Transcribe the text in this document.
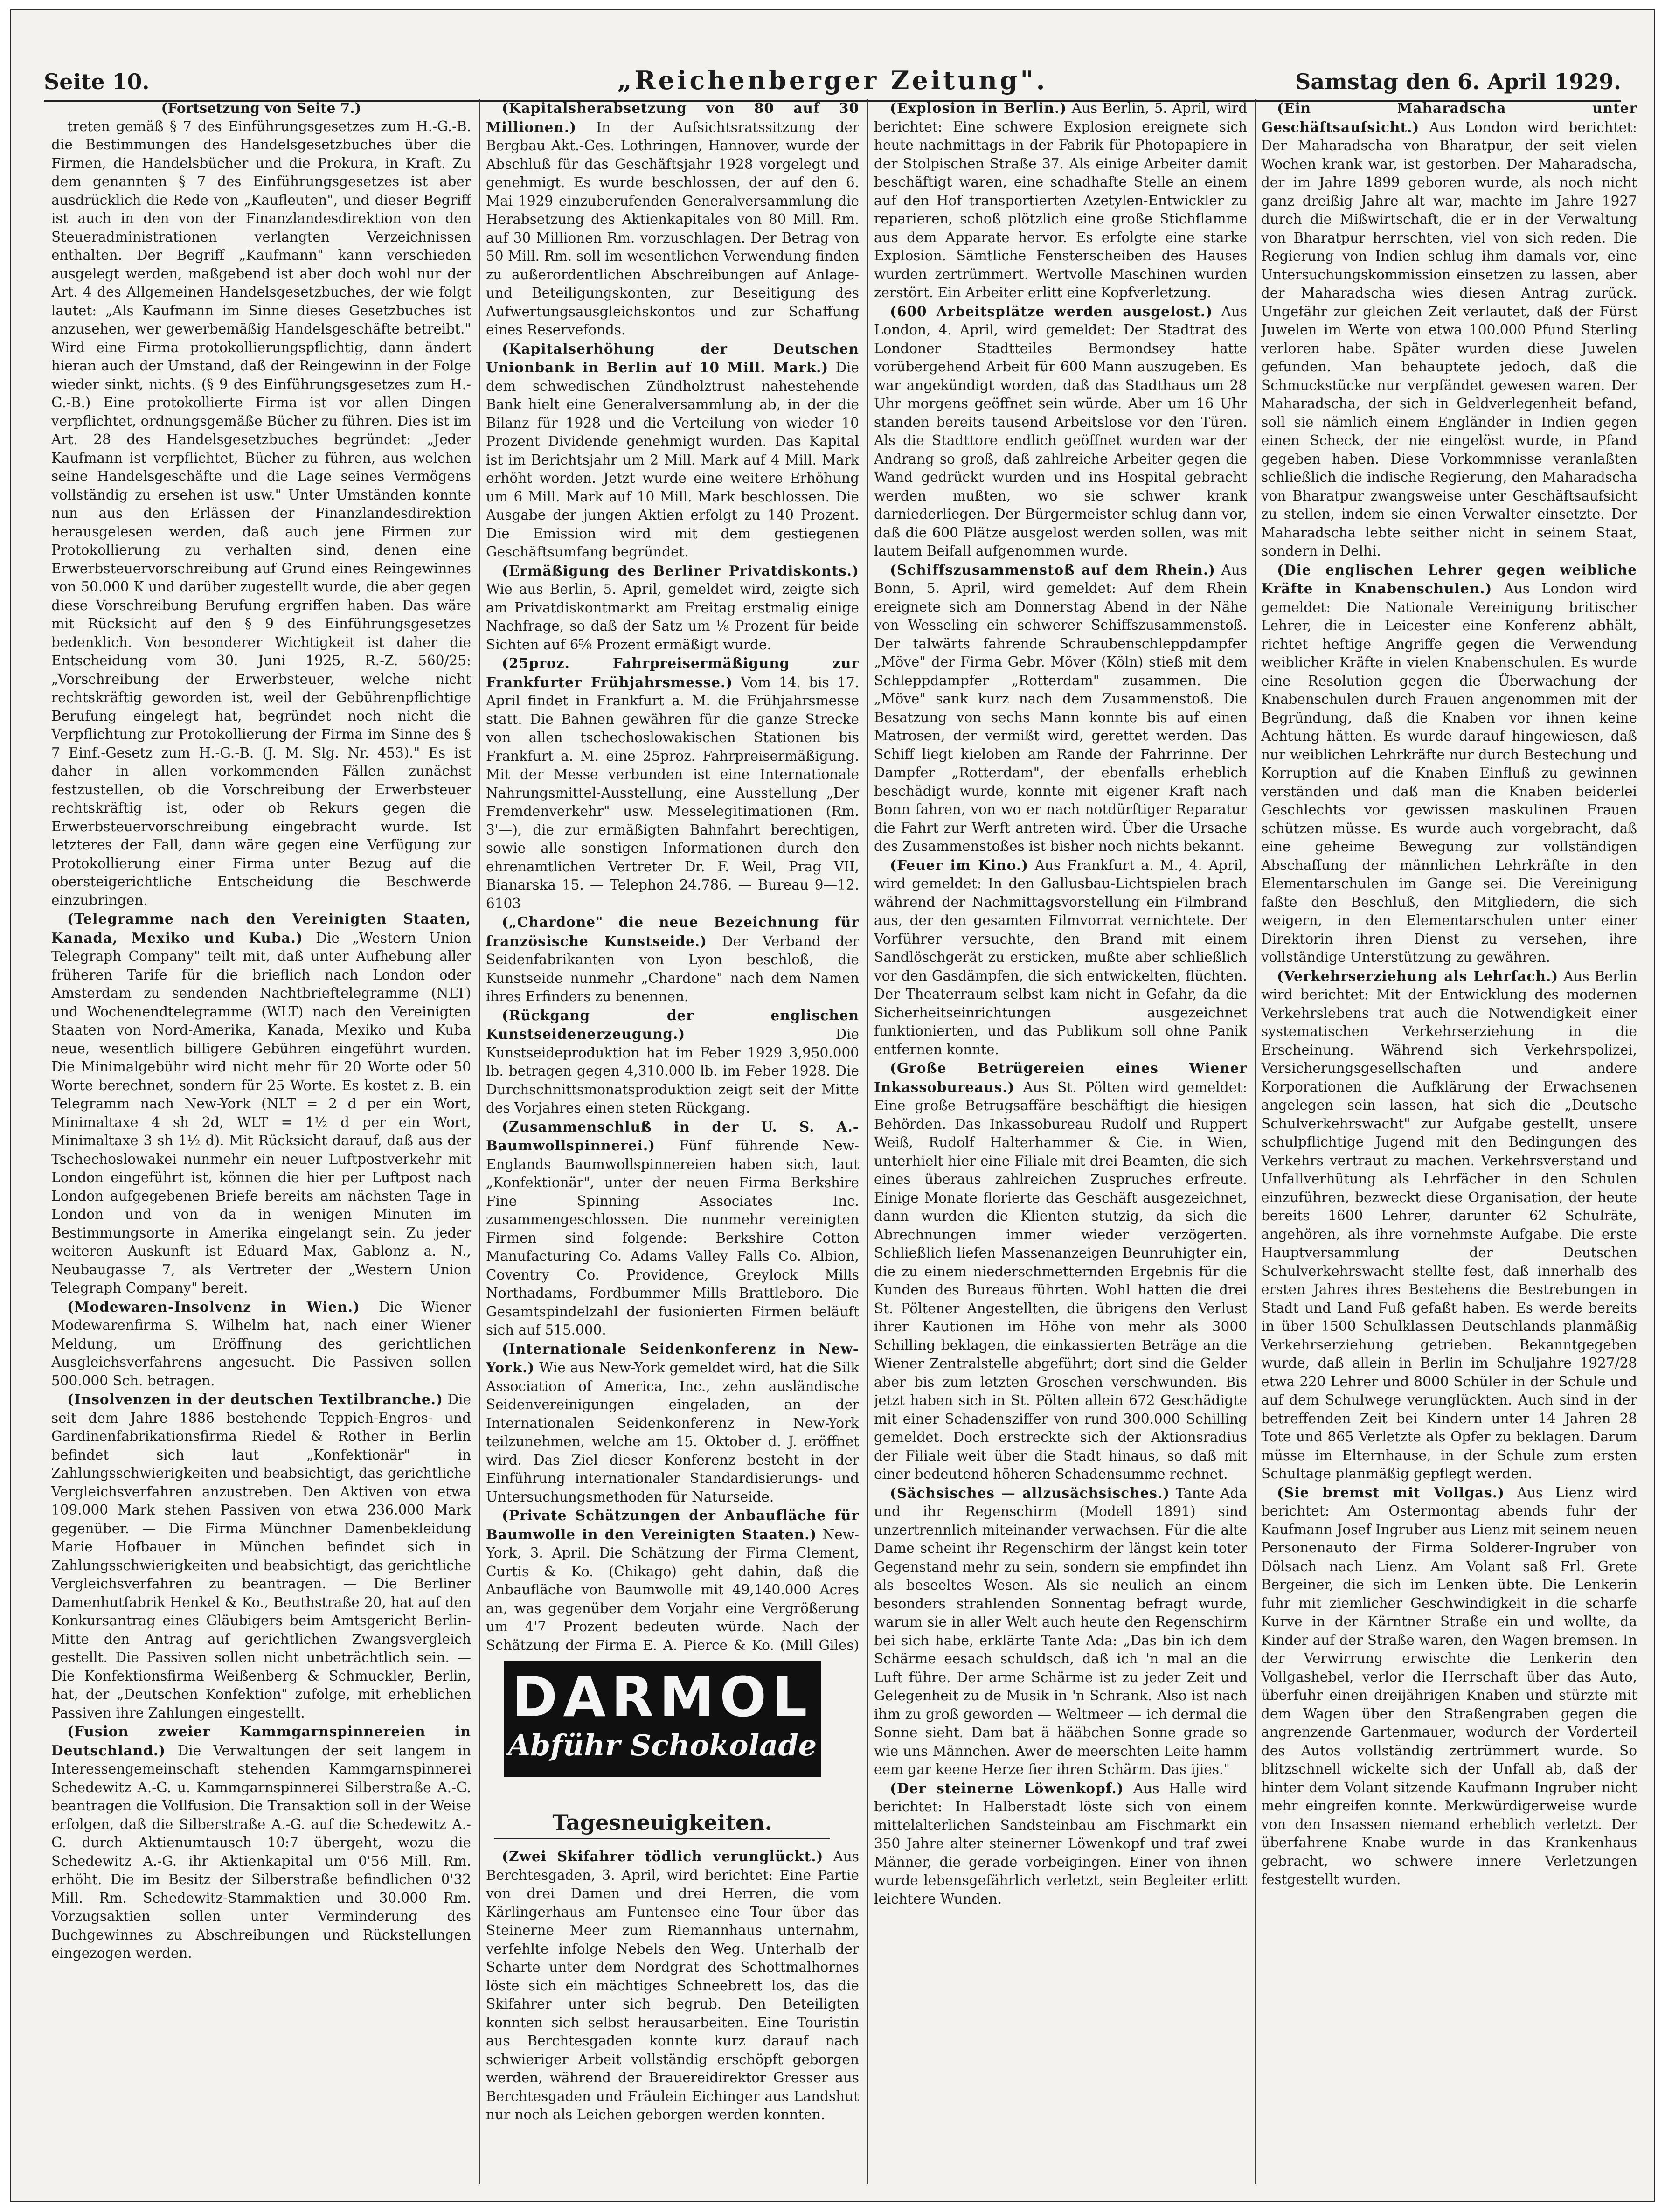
Seite 10.	„Reichenberger Zeitung".	Samstag den 6. April 1929.

(Fortsetzung von Seite 7.)

treten gemäß § 7 des Einführungsgesetzes zum H.-G.-B. die Bestimmungen des Handelsgesetzbuches über die Firmen, die Handelsbücher und die Prokura, in Kraft. Zu dem genannten § 7 des Einführungsgesetzes ist aber ausdrücklich die Rede von „Kaufleuten", und dieser Begriff ist auch in den von der Finanzlandesdirektion von den Steueradministrationen verlangten Verzeichnissen enthalten. Der Begriff „Kaufmann" kann verschieden ausgelegt werden, maßgebend ist aber doch wohl nur der Art. 4 des Allgemeinen Handelsgesetzbuches, der wie folgt lautet: „Als Kaufmann im Sinne dieses Gesetzbuches ist anzusehen, wer gewerbemäßig Handelsgeschäfte betreibt." Wird eine Firma protokollierungspflichtig, dann ändert hieran auch der Umstand, daß der Reingewinn in der Folge wieder sinkt, nichts. (§ 9 des Einführungsgesetzes zum H.-G.-B.) Eine protokollierte Firma ist vor allen Dingen verpflichtet, ordnungsgemäße Bücher zu führen. Dies ist im Art. 28 des Handelsgesetzbuches begründet: „Jeder Kaufmann ist verpflichtet, Bücher zu führen, aus welchen seine Handelsgeschäfte und die Lage seines Vermögens vollständig zu ersehen ist usw." Unter Umständen konnte nun aus den Erlässen der Finanzlandesdirektion herausgelesen werden, daß auch jene Firmen zur Protokollierung zu verhalten sind, denen eine Erwerbsteuervorschreibung auf Grund eines Reingewinnes von 50.000 K und darüber zugestellt wurde, die aber gegen diese Vorschreibung Berufung ergriffen haben. Das wäre mit Rücksicht auf den § 9 des Einführungsgesetzes bedenklich. Von besonderer Wichtigkeit ist daher die Entscheidung vom 30. Juni 1925, R.-Z. 560/25: „Vorschreibung der Erwerbsteuer, welche nicht rechtskräftig geworden ist, weil der Gebührenpflichtige Berufung eingelegt hat, begründet noch nicht die Verpflichtung zur Protokollierung der Firma im Sinne des § 7 Einf.-Gesetz zum H.-G.-B. (J. M. Slg. Nr. 453)." Es ist daher in allen vorkommenden Fällen zunächst festzustellen, ob die Vorschreibung der Erwerbsteuer rechtskräftig ist, oder ob Rekurs gegen die Erwerbsteuervorschreibung eingebracht wurde. Ist letzteres der Fall, dann wäre gegen eine Verfügung zur Protokollierung einer Firma unter Bezug auf die obersteigerichtliche Entscheidung die Beschwerde einzubringen.

(Telegramme nach den Vereinigten Staaten, Kanada, Mexiko und Kuba.) Die „Western Union Telegraph Company" teilt mit, daß unter Aufhebung aller früheren Tarife für die brieflich nach London oder Amsterdam zu sendenden Nachtbrieftelegramme (NLT) und Wochenendtelegramme (WLT) nach den Vereinigten Staaten von Nord-Amerika, Kanada, Mexiko und Kuba neue, wesentlich billigere Gebühren eingeführt wurden. Die Minimalgebühr wird nicht mehr für 20 Worte oder 50 Worte berechnet, sondern für 25 Worte. Es kostet z. B. ein Telegramm nach New-York (NLT = 2 d per ein Wort, Minimaltaxe 4 sh 2d, WLT = 1½ d per ein Wort, Minimaltaxe 3 sh 1½ d). Mit Rücksicht darauf, daß aus der Tschechoslowakei nunmehr ein neuer Luftpostverkehr mit London eingeführt ist, können die hier per Luftpost nach London aufgegebenen Briefe bereits am nächsten Tage in London und von da in wenigen Minuten im Bestimmungsorte in Amerika eingelangt sein. Zu jeder weiteren Auskunft ist Eduard Max, Gablonz a. N., Neubaugasse 7, als Vertreter der „Western Union Telegraph Company" bereit.

(Modewaren-Insolvenz in Wien.) Die Wiener Modewarenfirma S. Wilhelm hat, nach einer Wiener Meldung, um Eröffnung des gerichtlichen Ausgleichsverfahrens angesucht. Die Passiven sollen 500.000 Sch. betragen.

(Insolvenzen in der deutschen Textilbranche.) Die seit dem Jahre 1886 bestehende Teppich-Engros- und Gardinenfabrikationsfirma Riedel & Rother in Berlin befindet sich laut „Konfektionär" in Zahlungsschwierigkeiten und beabsichtigt, das gerichtliche Vergleichsverfahren anzustreben. Den Aktiven von etwa 109.000 Mark stehen Passiven von etwa 236.000 Mark gegenüber. — Die Firma Münchner Damenbekleidung Marie Hofbauer in München befindet sich in Zahlungsschwierigkeiten und beabsichtigt, das gerichtliche Vergleichsverfahren zu beantragen. — Die Berliner Damenhutfabrik Henkel & Ko., Beuthstraße 20, hat auf den Konkursantrag eines Gläubigers beim Amtsgericht Berlin-Mitte den Antrag auf gerichtlichen Zwangsvergleich gestellt. Die Passiven sollen nicht unbeträchtlich sein. — Die Konfektionsfirma Weißenberg & Schmuckler, Berlin, hat, der „Deutschen Konfektion" zufolge, mit erheblichen Passiven ihre Zahlungen eingestellt.

(Fusion zweier Kammgarnspinnereien in Deutschland.) Die Verwaltungen der seit langem in Interessengemeinschaft stehenden Kammgarnspinnerei Schedewitz A.-G. u. Kammgarnspinnerei Silberstraße A.-G. beantragen die Vollfusion. Die Transaktion soll in der Weise erfolgen, daß die Silberstraße A.-G. auf die Schedewitz A.-G. durch Aktienumtausch 10:7 übergeht, wozu die Schedewitz A.-G. ihr Aktienkapital um 0'56 Mill. Rm. erhöht. Die im Besitz der Silberstraße befindlichen 0'32 Mill. Rm. Schedewitz-Stammaktien und 30.000 Rm. Vorzugsaktien sollen unter Verminderung des Buchgewinnes zu Abschreibungen und Rückstellungen eingezogen werden.

(Kapitalsherabsetzung von 80 auf 30 Millionen.) In der Aufsichtsratssitzung der Bergbau Akt.-Ges. Lothringen, Hannover, wurde der Abschluß für das Geschäftsjahr 1928 vorgelegt und genehmigt. Es wurde beschlossen, der auf den 6. Mai 1929 einzuberufenden Generalversammlung die Herabsetzung des Aktienkapitales von 80 Mill. Rm. auf 30 Millionen Rm. vorzuschlagen. Der Betrag von 50 Mill. Rm. soll im wesentlichen Verwendung finden zu außerordentlichen Abschreibungen auf Anlage- und Beteiligungskonten, zur Beseitigung des Aufwertungsausgleichskontos und zur Schaffung eines Reservefonds.

(Kapitalserhöhung der Deutschen Unionbank in Berlin auf 10 Mill. Mark.) Die dem schwedischen Zündholztrust nahestehende Bank hielt eine Generalversammlung ab, in der die Bilanz für 1928 und die Verteilung von wieder 10 Prozent Dividende genehmigt wurden. Das Kapital ist im Berichtsjahr um 2 Mill. Mark auf 4 Mill. Mark erhöht worden. Jetzt wurde eine weitere Erhöhung um 6 Mill. Mark auf 10 Mill. Mark beschlossen. Die Ausgabe der jungen Aktien erfolgt zu 140 Prozent. Die Emission wird mit dem gestiegenen Geschäftsumfang begründet.

(Ermäßigung des Berliner Privatdiskonts.) Wie aus Berlin, 5. April, gemeldet wird, zeigte sich am Privatdiskontmarkt am Freitag erstmalig einige Nachfrage, so daß der Satz um ⅛ Prozent für beide Sichten auf 6⅝ Prozent ermäßigt wurde.

(25proz. Fahrpreisermäßigung zur Frankfurter Frühjahrsmesse.) Vom 14. bis 17. April findet in Frankfurt a. M. die Frühjahrsmesse statt. Die Bahnen gewähren für die ganze Strecke von allen tschechoslowakischen Stationen bis Frankfurt a. M. eine 25proz. Fahrpreisermäßigung. Mit der Messe verbunden ist eine Internationale Nahrungsmittel-Ausstellung, eine Ausstellung „Der Fremdenverkehr" usw. Messelegitimationen (Rm. 3'—), die zur ermäßigten Bahnfahrt berechtigen, sowie alle sonstigen Informationen durch den ehrenamtlichen Vertreter Dr. F. Weil, Prag VII, Bianarska 15. — Telephon 24.786. — Bureau 9—12. 6103

(„Chardone" die neue Bezeichnung für französische Kunstseide.) Der Verband der Seidenfabrikanten von Lyon beschloß, die Kunstseide nunmehr „Chardone" nach dem Namen ihres Erfinders zu benennen.

(Rückgang der englischen Kunstseidenerzeugung.)	Die Kunstseideproduktion hat im Feber 1929 3,950.000 lb. betragen gegen 4,310.000 lb. im Feber 1928. Die Durchschnittsmonatsproduktion zeigt seit der Mitte des Vorjahres einen steten Rückgang.

(Zusammenschluß in der U. S. A.-Baumwollspinnerei.) Fünf führende New-Englands Baumwollspinnereien haben sich, laut „Konfektionär", unter der neuen Firma Berkshire Fine Spinning Associates Inc. zusammengeschlossen. Die nunmehr vereinigten Firmen sind folgende: Berkshire Cotton Manufacturing Co. Adams Valley Falls Co. Albion, Coventry Co. Providence, Greylock Mills Northadams, Fordbummer Mills Brattleboro. Die Gesamtspindelzahl der fusionierten Firmen beläuft sich auf 515.000.

(Internationale Seidenkonferenz in New-York.) Wie aus New-York gemeldet wird, hat die Silk Association of America, Inc., zehn ausländische Seidenvereinigungen eingeladen, an der Internationalen Seidenkonferenz in New-York teilzunehmen, welche am 15. Oktober d. J. eröffnet wird. Das Ziel dieser Konferenz besteht in der Einführung internationaler Standardisierungs- und Untersuchungsmethoden für Naturseide.

(Private Schätzungen der Anbaufläche für Baumwolle in den Vereinigten Staaten.) New-York, 3. April. Die Schätzung der Firma Clement, Curtis & Ko. (Chikago) geht dahin, daß die Anbaufläche von Baumwolle mit 49,140.000 Acres an, was gegenüber dem Vorjahr eine Vergrößerung um 4'7 Prozent bedeuten würde. Nach der Schätzung der Firma E. A. Pierce & Ko. (Mill Giles)

DARMOL
Abführ Schokolade
Tagesneuigkeiten.

(Zwei Skifahrer tödlich verunglückt.) Aus Berchtesgaden, 3. April, wird berichtet: Eine Partie von drei Damen und drei Herren, die vom Kärlingerhaus am Funtensee eine Tour über das Steinerne Meer zum Riemannhaus unternahm, verfehlte infolge Nebels den Weg. Unterhalb der Scharte unter dem Nordgrat des Schottmalhornes löste sich ein mächtiges Schneebrett los, das die Skifahrer unter sich begrub. Den Beteiligten konnten sich selbst herausarbeiten. Eine Touristin aus Berchtesgaden konnte kurz darauf nach schwieriger Arbeit vollständig erschöpft geborgen werden, während der Brauereidirektor Gresser aus Berchtesgaden und Fräulein Eichinger aus Landshut nur noch als Leichen geborgen werden konnten.

(Explosion in Berlin.) Aus Berlin, 5. April, wird berichtet: Eine schwere Explosion ereignete sich heute nachmittags in der Fabrik für Photopapiere in der Stolpischen Straße 37. Als einige Arbeiter damit beschäftigt waren, eine schadhafte Stelle an einem auf den Hof transportierten Azetylen-Entwickler zu reparieren, schoß plötzlich eine große Stichflamme aus dem Apparate hervor. Es erfolgte eine starke Explosion. Sämtliche Fensterscheiben des Hauses wurden zertrümmert. Wertvolle Maschinen wurden zerstört. Ein Arbeiter erlitt eine Kopfverletzung.

(600 Arbeitsplätze werden ausgelost.) Aus London, 4. April, wird gemeldet: Der Stadtrat des Londoner Stadtteiles Bermondsey hatte vorübergehend Arbeit für 600 Mann auszugeben. Es war angekündigt worden, daß das Stadthaus um 28 Uhr morgens geöffnet sein würde. Aber um 16 Uhr standen bereits tausend Arbeitslose vor den Türen. Als die Stadttore endlich geöffnet wurden war der Andrang so groß, daß zahlreiche Arbeiter gegen die Wand gedrückt wurden und ins Hospital gebracht werden mußten, wo sie schwer krank darniederliegen. Der Bürgermeister schlug dann vor, daß die 600 Plätze ausgelost werden sollen, was mit lautem Beifall aufgenommen wurde.

(Schiffszusammenstoß auf dem Rhein.) Aus Bonn, 5. April, wird gemeldet: Auf dem Rhein ereignete sich am Donnerstag Abend in der Nähe von Wesseling ein schwerer Schiffszusammenstoß. Der talwärts fahrende Schraubenschleppdampfer „Möve" der Firma Gebr. Möver (Köln) stieß mit dem Schleppdampfer „Rotterdam" zusammen. Die „Möve" sank kurz nach dem Zusammenstoß. Die Besatzung von sechs Mann konnte bis auf einen Matrosen, der vermißt wird, gerettet werden. Das Schiff liegt kieloben am Rande der Fahrrinne. Der Dampfer „Rotterdam", der ebenfalls erheblich beschädigt wurde, konnte mit eigener Kraft nach Bonn fahren, von wo er nach notdürftiger Reparatur die Fahrt zur Werft antreten wird. Über die Ursache des Zusammenstoßes ist bisher noch nichts bekannt.

(Feuer im Kino.) Aus Frankfurt a. M., 4. April, wird gemeldet: In den Gallusbau-Lichtspielen brach während der Nachmittagsvorstellung ein Filmbrand aus, der den gesamten Filmvorrat vernichtete. Der Vorführer versuchte, den Brand mit einem Sandlöschgerät zu ersticken, mußte aber schließlich vor den Gasdämpfen, die sich entwickelten, flüchten. Der Theaterraum selbst kam nicht in Gefahr, da die Sicherheitseinrichtungen ausgezeichnet funktionierten, und das Publikum soll ohne Panik entfernen konnte.

(Große Betrügereien eines Wiener Inkassobureaus.) Aus St. Pölten wird gemeldet: Eine große Betrugsaffäre beschäftigt die hiesigen Behörden. Das Inkassobureau Rudolf und Ruppert Weiß, Rudolf Halterhammer & Cie. in Wien, unterhielt hier eine Filiale mit drei Beamten, die sich eines überaus zahlreichen Zuspruches erfreute. Einige Monate florierte das Geschäft ausgezeichnet, dann wurden die Klienten stutzig, da sich die Abrechnungen immer wieder verzögerten. Schließlich liefen Massenanzeigen Beunruhigter ein, die zu einem niederschmetternden Ergebnis für die Kunden des Bureaus führten. Wohl hatten die drei St. Pöltener Angestellten, die übrigens den Verlust ihrer Kautionen im Höhe von mehr als 3000 Schilling beklagen, die einkassierten Beträge an die Wiener Zentralstelle abgeführt; dort sind die Gelder aber bis zum letzten Groschen verschwunden. Bis jetzt haben sich in St. Pölten allein 672 Geschädigte mit einer Schadensziffer von rund 300.000 Schilling gemeldet. Doch erstreckte sich der Aktionsradius der Filiale weit über die Stadt hinaus, so daß mit einer bedeutend höheren Schadensumme rechnet.

(Sächsisches — allzusächsisches.) Tante Ada und ihr Regenschirm (Modell 1891) sind unzertrennlich miteinander verwachsen. Für die alte Dame scheint ihr Regenschirm der längst kein toter Gegenstand mehr zu sein, sondern sie empfindet ihn als beseeltes Wesen. Als sie neulich an einem besonders strahlenden Sonnentag befragt wurde, warum sie in aller Welt auch heute den Regenschirm bei sich habe, erklärte Tante Ada: „Das bin ich dem Schärme eesach schuldsch, daß ich 'n mal an die Luft führe. Der arme Schärme ist zu jeder Zeit und Gelegenheit zu de Musik in 'n Schrank. Also ist nach ihm zu groß geworden — Weltmeer — ich dermal die Sonne sieht. Dam bat ä hääbchen Sonne grade so wie uns Männchen. Awer de meerschten Leite hamm eem gar keene Herze fier ihren Schärm. Das ijies."

(Der steinerne Löwenkopf.) Aus Halle wird berichtet: In Halberstadt löste sich von einem mittelalterlichen Sandsteinbau am Fischmarkt ein 350 Jahre alter steinerner Löwenkopf und traf zwei Männer, die gerade vorbeigingen. Einer von ihnen wurde lebensgefährlich verletzt, sein Begleiter erlitt leichtere Wunden.

(Ein Maharadscha unter Geschäftsaufsicht.) Aus London wird berichtet: Der Maharadscha von Bharatpur, der seit vielen Wochen krank war, ist gestorben. Der Maharadscha, der im Jahre 1899 geboren wurde, als noch nicht ganz dreißig Jahre alt war, machte im Jahre 1927 durch die Mißwirtschaft, die er in der Verwaltung von Bharatpur herrschten, viel von sich reden. Die Regierung von Indien schlug ihm damals vor, eine Untersuchungskommission einsetzen zu lassen, aber der Maharadscha wies diesen Antrag zurück. Ungefähr zur gleichen Zeit verlautet, daß der Fürst Juwelen im Werte von etwa 100.000 Pfund Sterling verloren habe. Später wurden diese Juwelen gefunden. Man behauptete jedoch, daß die Schmuckstücke nur verpfändet gewesen waren. Der Maharadscha, der sich in Geldverlegenheit befand, soll sie nämlich einem Engländer in Indien gegen einen Scheck, der nie eingelöst wurde, in Pfand gegeben haben. Diese Vorkommnisse veranlaßten schließlich die indische Regierung, den Maharadscha von Bharatpur zwangsweise unter Geschäftsaufsicht zu stellen, indem sie einen Verwalter einsetzte. Der Maharadscha lebte seither nicht in seinem Staat, sondern in Delhi.

(Die englischen Lehrer gegen weibliche Kräfte in Knabenschulen.) Aus London wird gemeldet: Die Nationale Vereinigung britischer Lehrer, die in Leicester eine Konferenz abhält, richtet heftige Angriffe gegen die Verwendung weiblicher Kräfte in vielen Knabenschulen. Es wurde eine Resolution gegen die Überwachung der Knabenschulen durch Frauen angenommen mit der Begründung, daß die Knaben vor ihnen keine Achtung hätten. Es wurde darauf hingewiesen, daß nur weiblichen Lehrkräfte nur durch Bestechung und Korruption auf die Knaben Einfluß zu gewinnen verständen und daß man die Knaben beiderlei Geschlechts vor gewissen maskulinen Frauen schützen müsse. Es wurde auch vorgebracht, daß eine geheime Bewegung zur vollständigen Abschaffung der männlichen Lehrkräfte in den Elementarschulen im Gange sei. Die Vereinigung faßte den Beschluß, den Mitgliedern, die sich weigern, in den Elementarschulen unter einer Direktorin ihren Dienst zu versehen, ihre vollständige Unterstützung zu gewähren.

(Verkehrserziehung als Lehrfach.) Aus Berlin wird berichtet: Mit der Entwicklung des modernen Verkehrslebens trat auch die Notwendigkeit einer systematischen Verkehrserziehung in die Erscheinung. Während sich Verkehrspolizei, Versicherungsgesellschaften und andere Korporationen die Aufklärung der Erwachsenen angelegen sein lassen, hat sich die „Deutsche Schulverkehrswacht" zur Aufgabe gestellt, unsere schulpflichtige Jugend mit den Bedingungen des Verkehrs vertraut zu machen. Verkehrsverstand und Unfallverhütung als Lehrfächer in den Schulen einzuführen, bezweckt diese Organisation, der heute bereits 1600 Lehrer, darunter 62 Schulräte, angehören, als ihre vornehmste Aufgabe. Die erste Hauptversammlung der Deutschen Schulverkehrswacht stellte fest, daß innerhalb des ersten Jahres ihres Bestehens die Bestrebungen in Stadt und Land Fuß gefaßt haben. Es werde bereits in über 1500 Schulklassen Deutschlands planmäßig Verkehrserziehung getrieben. Bekanntgegeben wurde, daß allein in Berlin im Schuljahre 1927/28 etwa 220 Lehrer und 8000 Schüler in der Schule und auf dem Schulwege verunglückten. Auch sind in der betreffenden Zeit bei Kindern unter 14 Jahren 28 Tote und 865 Verletzte als Opfer zu beklagen. Darum müsse im Elternhause, in der Schule zum ersten Schultage planmäßig gepflegt werden.

(Sie bremst mit Vollgas.) Aus Lienz wird berichtet: Am Ostermontag abends fuhr der Kaufmann Josef Ingruber aus Lienz mit seinem neuen Personenauto der Firma Solderer-Ingruber von Dölsach nach Lienz. Am Volant saß Frl. Grete Bergeiner, die sich im Lenken übte. Die Lenkerin fuhr mit ziemlicher Geschwindigkeit in die scharfe Kurve in der Kärntner Straße ein und wollte, da Kinder auf der Straße waren, den Wagen bremsen. In der Verwirrung erwischte die Lenkerin den Vollgashebel, verlor die Herrschaft über das Auto, überfuhr einen dreijährigen Knaben und stürzte mit dem Wagen über den Straßengraben gegen die angrenzende Gartenmauer, wodurch der Vorderteil des Autos vollständig zertrümmert wurde. So blitzschnell wickelte sich der Unfall ab, daß der hinter dem Volant sitzende Kaufmann Ingruber nicht mehr eingreifen konnte. Merkwürdigerweise wurde von den Insassen niemand erheblich verletzt. Der überfahrene Knabe wurde in das Krankenhaus gebracht, wo schwere innere Verletzungen festgestellt wurden.
